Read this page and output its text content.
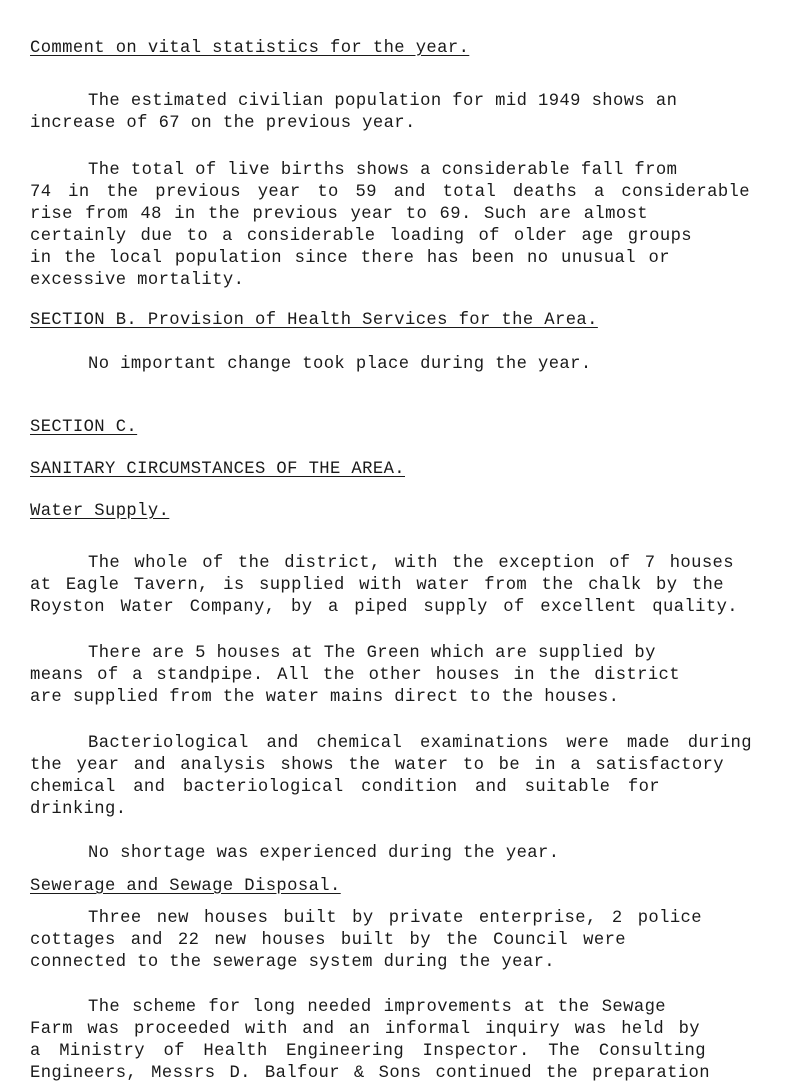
Comment on vital statistics for the year.
The estimated civilian population for mid 1949 shows an
increase of 67 on the previous year.
The total of live births shows a considerable fall from
74 in the previous year to 59 and total deaths a considerable
rise from 48 in the previous year to 69. Such are almost
certainly due to a considerable loading of older age groups
in the local population since there has been no unusual or
excessive mortality.
SECTION B. Provision of Health Services for the Area.
No important change took place during the year.
SECTION C.
SANITARY CIRCUMSTANCES OF THE AREA.
Water Supply.
The whole of the district, with the exception of 7 houses
at Eagle Tavern, is supplied with water from the chalk by the
Royston Water Company, by a piped supply of excellent quality.
There are 5 houses at The Green which are supplied by
means of a standpipe. All the other houses in the district
are supplied from the water mains direct to the houses.
Bacteriological and chemical examinations were made during
the year and analysis shows the water to be in a satisfactory
chemical and bacteriological condition and suitable for
drinking.
No shortage was experienced during the year.
Sewerage and Sewage Disposal.
Three new houses built by private enterprise, 2 police
cottages and 22 new houses built by the Council were
connected to the sewerage system during the year.
The scheme for long needed improvements at the Sewage
Farm was proceeded with and an informal inquiry was held by
a Ministry of Health Engineering Inspector. The Consulting
Engineers, Messrs D. Balfour & Sons continued the preparation
